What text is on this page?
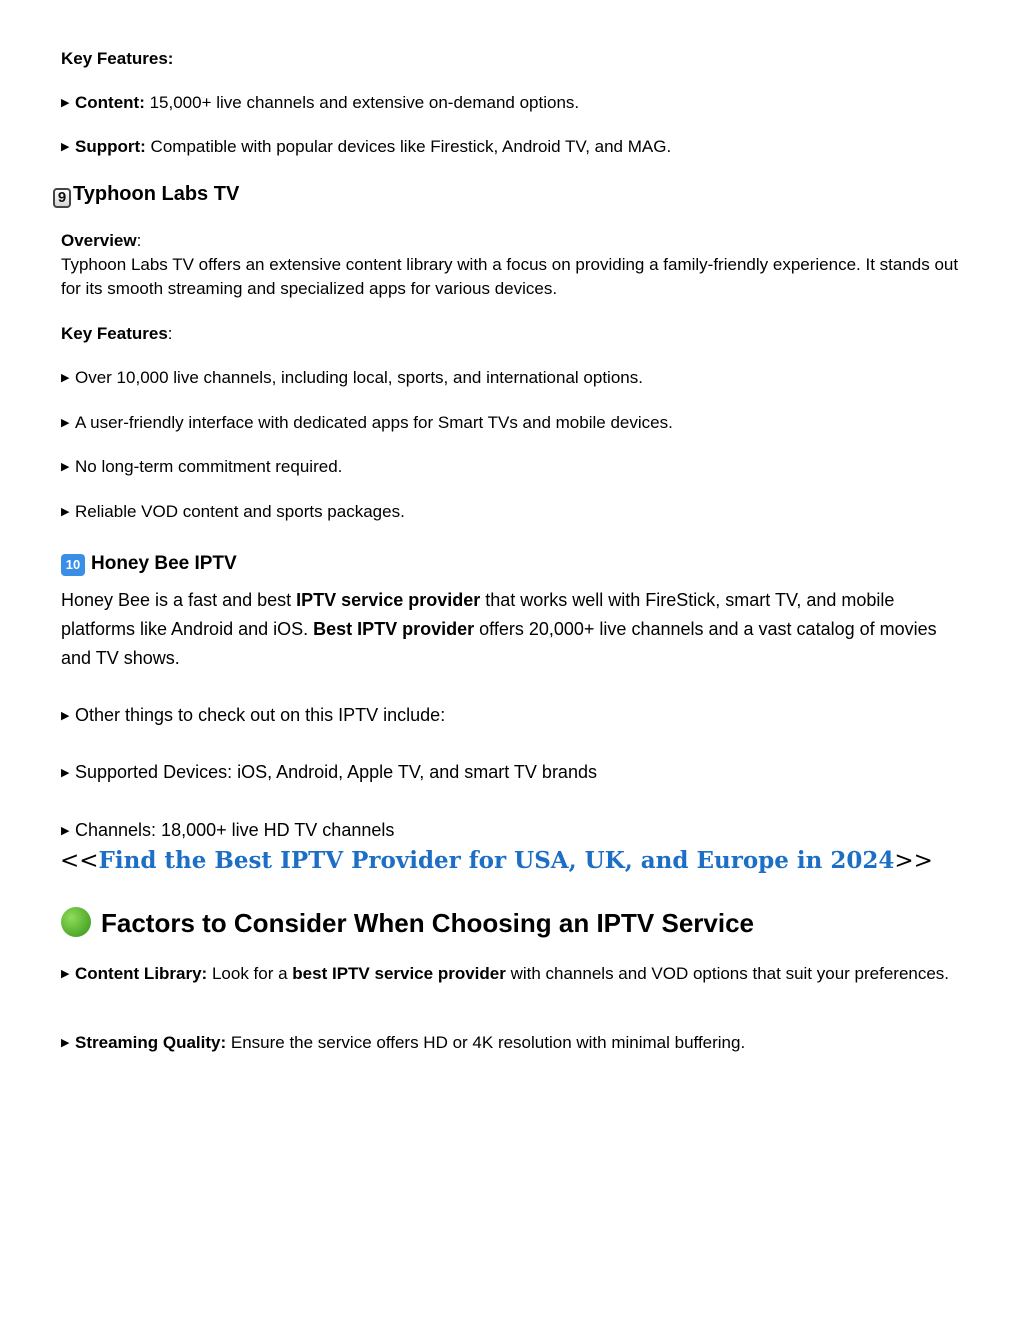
Key Features:

▶ Content: 15,000+ live channels and extensive on-demand options.

▶ Support: Compatible with popular devices like Firestick, Android TV, and MAG.

9 Typhoon Labs TV

Overview:

Typhoon Labs TV offers an extensive content library with a focus on providing a family-friendly experience. It stands out for its smooth streaming and specialized apps for various devices.

Key Features:

▶ Over 10,000 live channels, including local, sports, and international options.

▶ A user-friendly interface with dedicated apps for Smart TVs and mobile devices.

▶ No long-term commitment required.

▶ Reliable VOD content and sports packages.

10 Honey Bee IPTV

Honey Bee is a fast and best IPTV service provider that works well with FireStick, smart TV, and mobile platforms like Android and iOS. Best IPTV provider offers 20,000+ live channels and a vast catalog of movies and TV shows.

▶ Other things to check out on this IPTV include:

▶ Supported Devices: iOS, Android, Apple TV, and smart TV brands

▶ Channels: 18,000+ live HD TV channels

<<Find the Best IPTV Provider for USA, UK, and Europe in 2024>>

Factors to Consider When Choosing an IPTV Service

▶ Content Library: Look for a best IPTV service provider with channels and VOD options that suit your preferences.

▶ Streaming Quality: Ensure the service offers HD or 4K resolution with minimal buffering.
